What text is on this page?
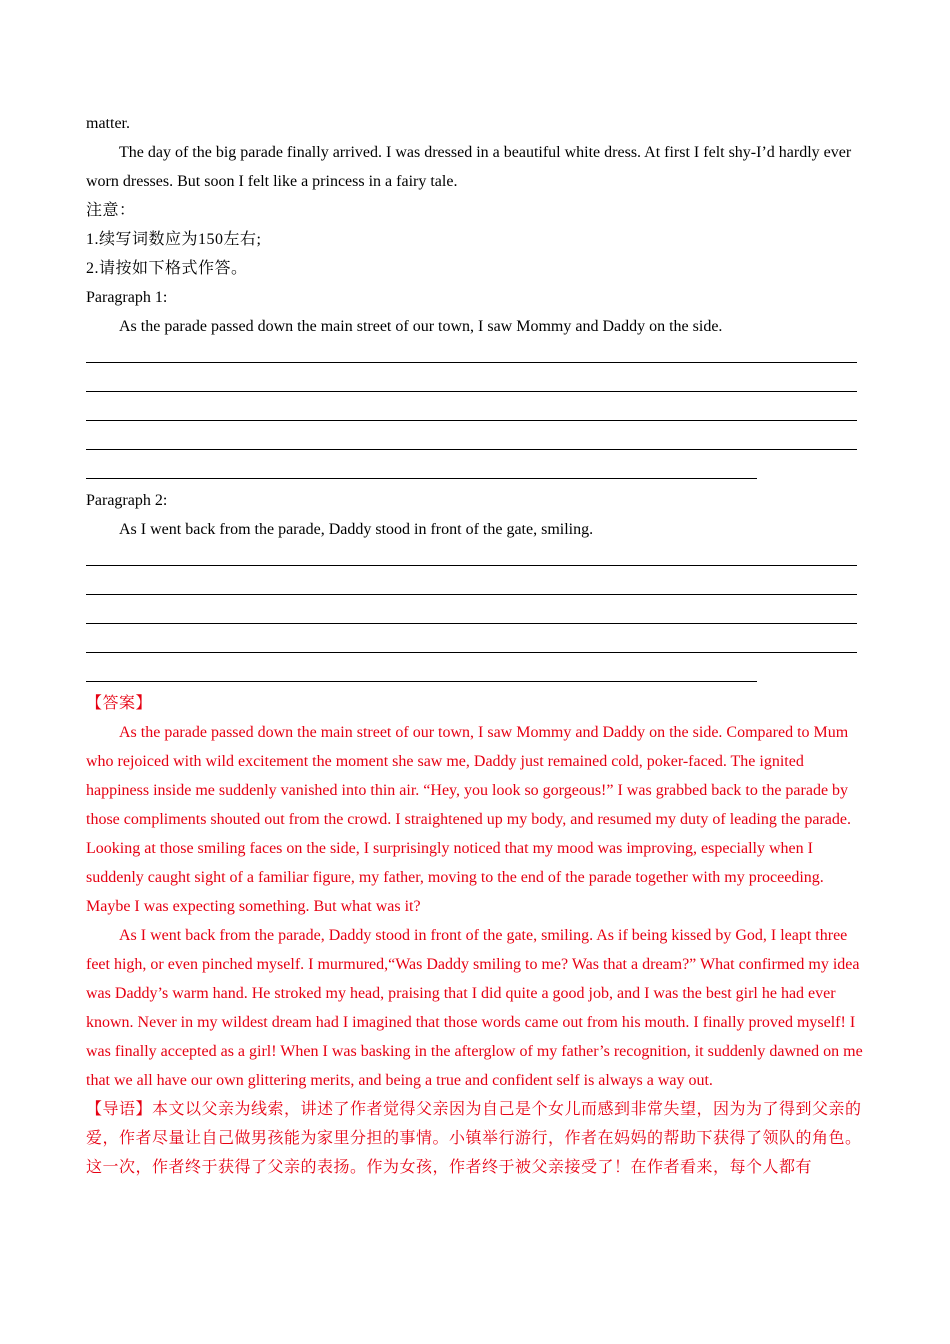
matter.
The day of the big parade finally arrived. I was dressed in a beautiful white dress. At first I felt shy-I’d hardly ever worn dresses. But soon I felt like a princess in a fairy tale.
注意：
1.续写词数应为150左右;
2.请按如下格式作答。
Paragraph 1:
As the parade passed down the main street of our town, I saw Mommy and Daddy on the side.
Paragraph 2:
As I went back from the parade, Daddy stood in front of the gate, smiling.
【答案】
As the parade passed down the main street of our town, I saw Mommy and Daddy on the side. Compared to Mum who rejoiced with wild excitement the moment she saw me, Daddy just remained cold, poker-faced. The ignited happiness inside me suddenly vanished into thin air. “Hey, you look so gorgeous!” I was grabbed back to the parade by those compliments shouted out from the crowd. I straightened up my body, and resumed my duty of leading the parade. Looking at those smiling faces on the side, I surprisingly noticed that my mood was improving, especially when I suddenly caught sight of a familiar figure, my father, moving to the end of the parade together with my proceeding. Maybe I was expecting something. But what was it?
As I went back from the parade, Daddy stood in front of the gate, smiling. As if being kissed by God, I leapt three feet high, or even pinched myself. I murmured,“Was Daddy smiling to me? Was that a dream?” What confirmed my idea was Daddy’s warm hand. He stroked my head, praising that I did quite a good job, and I was the best girl he had ever known. Never in my wildest dream had I imagined that those words came out from his mouth. I finally proved myself! I was finally accepted as a girl! When I was basking in the afterglow of my father’s recognition, it suddenly dawned on me that we all have our own glittering merits, and being a true and confident self is always a way out.
【导语】本文以父亲为线索，讲述了作者觉得父亲因为自己是个女儿而感到非常失望，因为为了得到父亲的爱，作者尽量让自己做男孩能为家里分担的事情。小镇举行游行，作者在妈妈的帮助下获得了领队的角色。这一次，作者终于获得了父亲的表扬。作为女孩，作者终于被父亲接受了！在作者看来，每个人都有
